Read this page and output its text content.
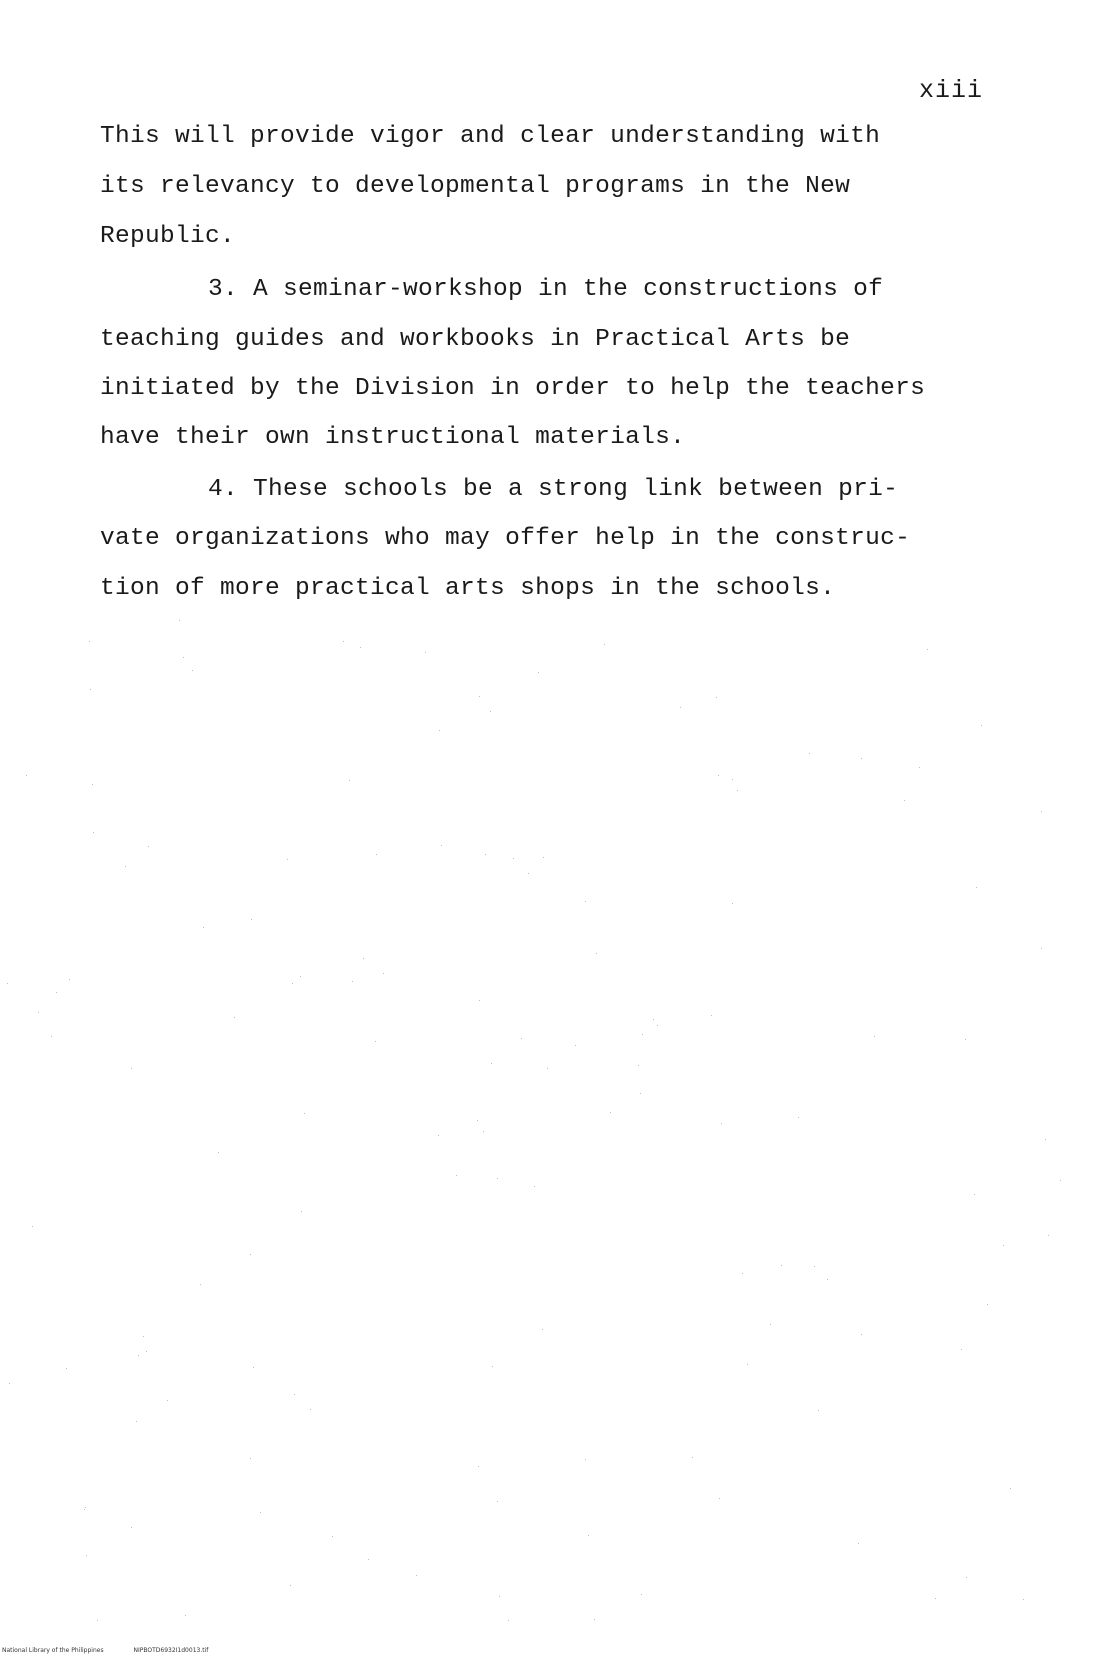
xiii
This will provide vigor and clear understanding with
its relevancy to developmental programs in the New
Republic.
3. A seminar-workshop in the constructions of
teaching guides and workbooks in Practical Arts be
initiated by the Division in order to help the teachers
have their own instructional materials.
4. These schools be a strong link between pri-
vate organizations who may offer help in the construc-
tion of more practical arts shops in the schools.
National Library of the Philippines	NIPBOTD6932I1d0013.tif
